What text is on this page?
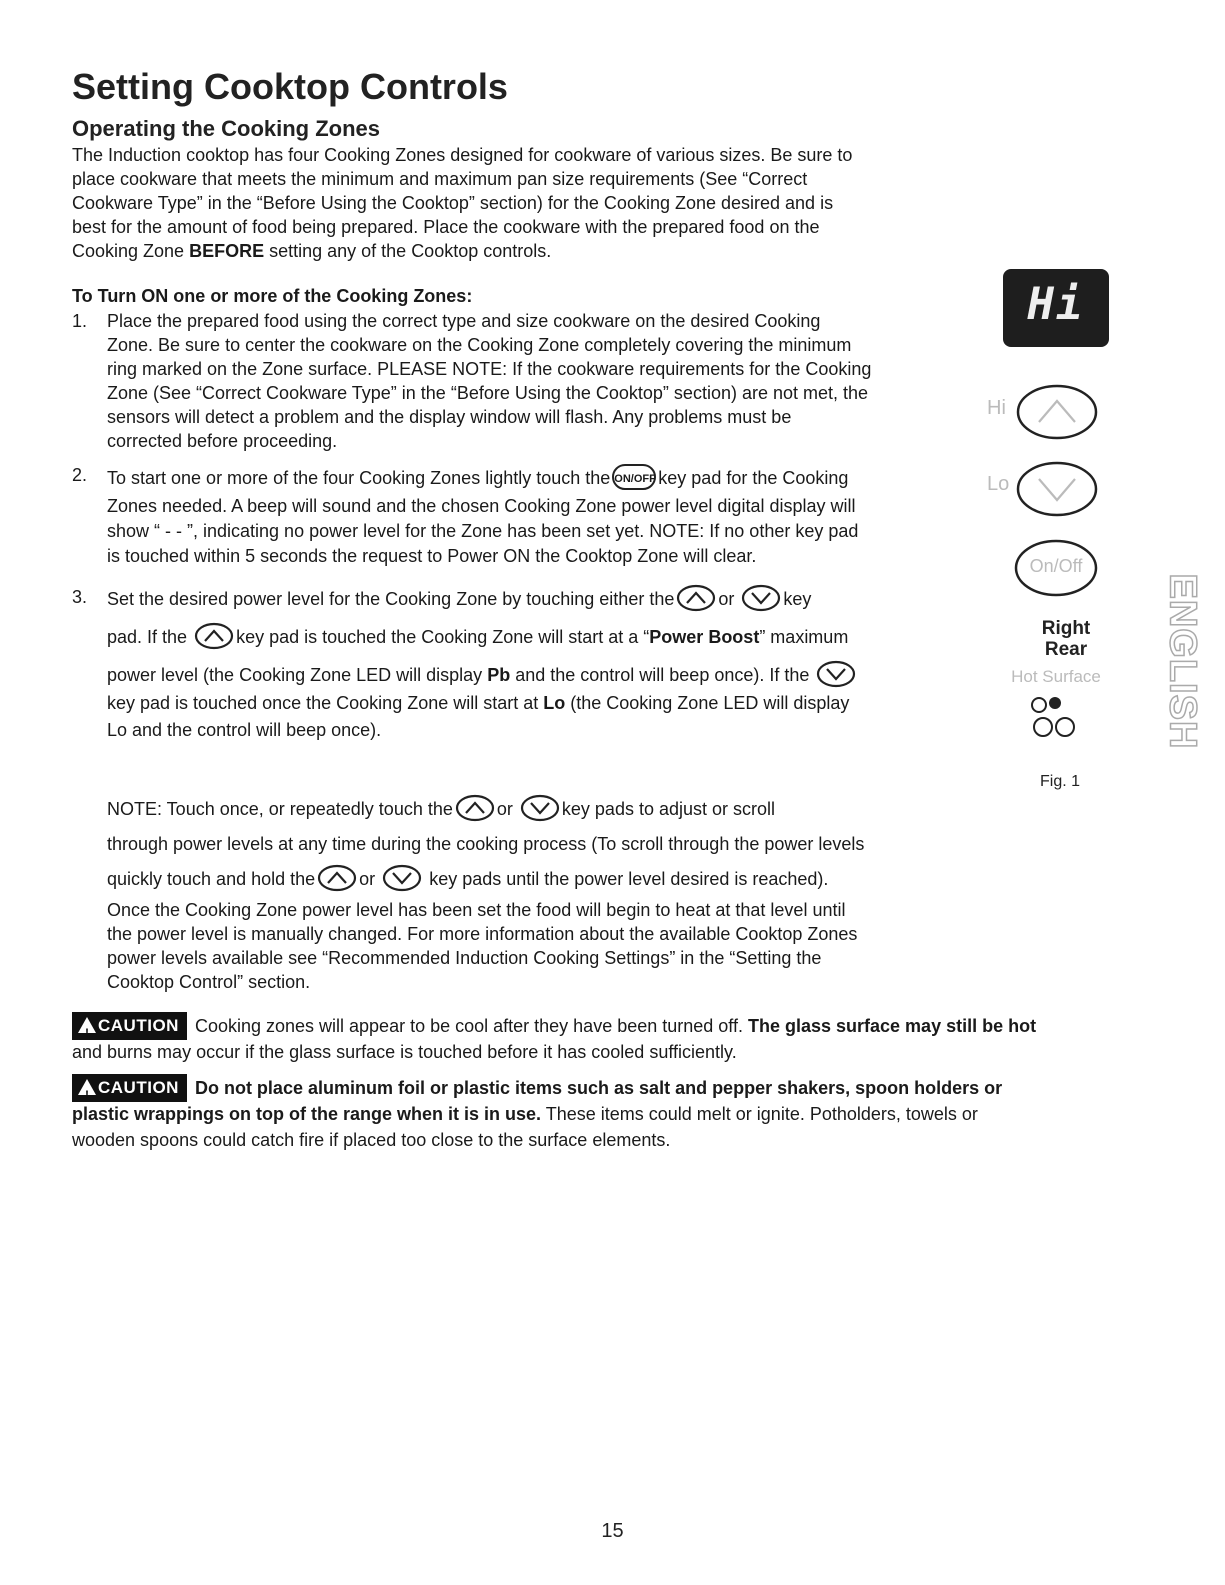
Setting Cooktop Controls
Operating the Cooking Zones
The Induction cooktop has four Cooking Zones designed for cookware of various sizes. Be sure to
place cookware that meets the minimum and maximum pan size requirements (See “Correct
Cookware Type” in the “Before Using the Cooktop” section) for the Cooking Zone desired and is
best for the amount of food being prepared. Place the cookware with the prepared food on the
Cooking Zone BEFORE setting any of the Cooktop controls.
To Turn ON one or more of the Cooking Zones:
1. Place the prepared food using the correct type and size cookware on the desired Cooking
Zone. Be sure to center the cookware on the Cooking Zone completely covering the minimum
ring marked on the Zone surface. PLEASE NOTE: If the cookware requirements for the Cooking
Zone (See “Correct Cookware Type” in the “Before Using the Cooktop” section) are not met, the
sensors will detect a problem and the display window will flash. Any problems must be
corrected before proceeding.
2. To start one or more of the four Cooking Zones lightly touch the ON/OFF key pad for the Cooking
Zones needed. A beep will sound and the chosen Cooking Zone power level digital display will
show “ - - ”, indicating no power level for the Zone has been set yet. NOTE: If no other key pad
is touched within 5 seconds the request to Power ON the Cooktop Zone will clear.
3. Set the desired power level for the Cooking Zone by touching either the or	key
pad. If the	key pad is touched the Cooking Zone will start at a “Power Boost” maximum
power level (the Cooking Zone LED will display Pb and the control will beep once). If the
key pad is touched once the Cooking Zone will start at Lo (the Cooking Zone LED will display
Lo and the control will beep once).
NOTE: Touch once, or repeatedly touch the or	key pads to adjust or scroll
through power levels at any time during the cooking process (To scroll through the power levels
quickly touch and hold the or	key pads until the power level desired is reached).
Once the Cooking Zone power level has been set the food will begin to heat at that level until
the power level is manually changed. For more information about the available Cooktop Zones
power levels available see “Recommended Induction Cooking Settings” in the “Setting the
Cooktop Control” section.
! CAUTION Cooking zones will appear to be cool after they have been turned off. The glass surface may still be hot
and burns may occur if the glass surface is touched before it has cooled sufficiently.
! CAUTION Do not place aluminum foil or plastic items such as salt and pepper shakers, spoon holders or
plastic wrappings on top of the range when it is in use. These items could melt or ignite. Potholders, towels or
wooden spoons could catch fire if placed too close to the surface elements.
Hi
Hi
Lo
On/Off
Right
Rear
Hot Surface
Fig. 1
ENGLISH
15
